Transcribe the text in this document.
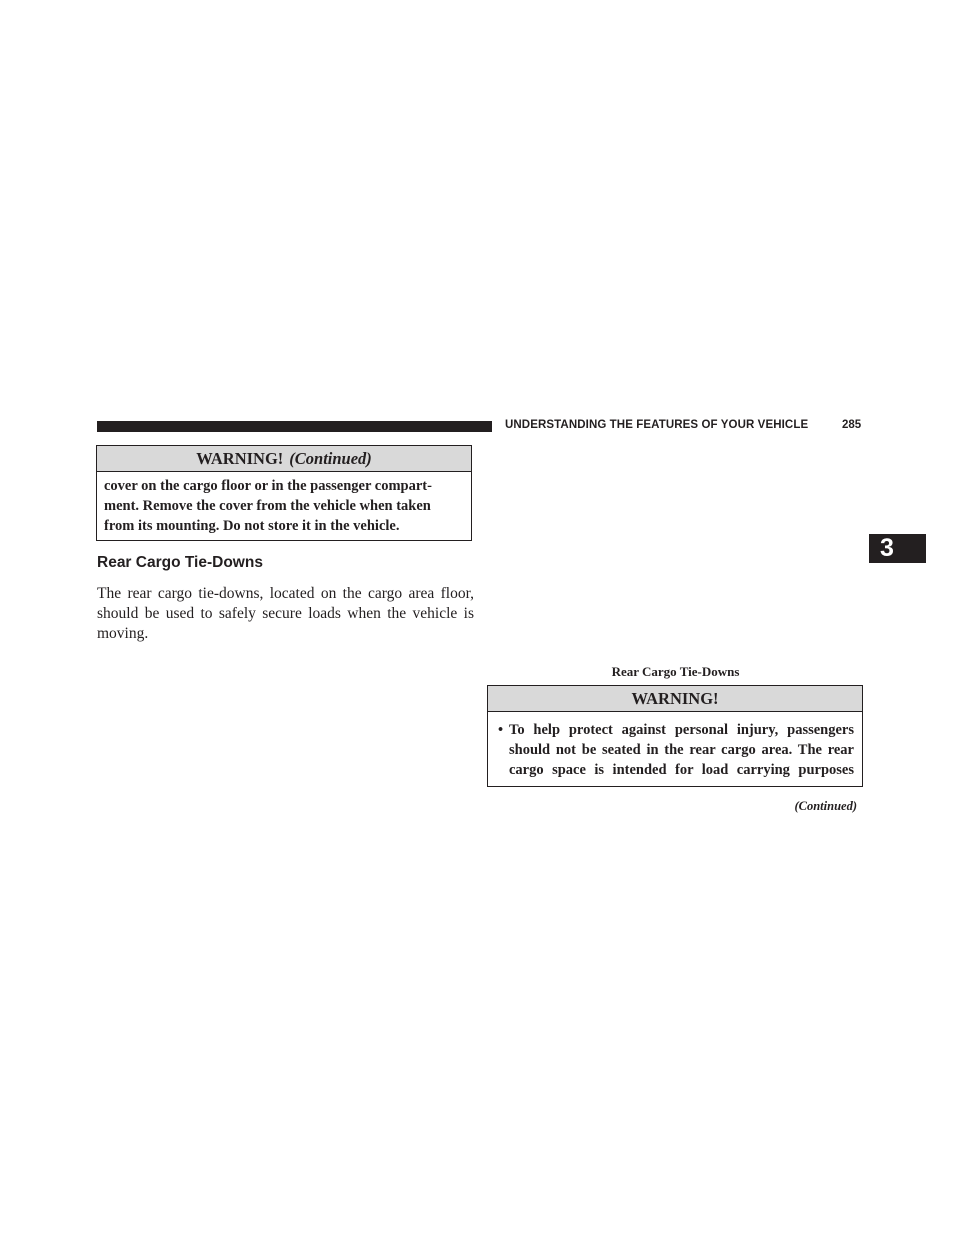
UNDERSTANDING THE FEATURES OF YOUR VEHICLE	285
3
WARNING! (Continued)
cover on the cargo floor or in the passenger compart-
ment. Remove the cover from the vehicle when taken
from its mounting. Do not store it in the vehicle.
Rear Cargo Tie-Downs
The rear cargo tie-downs, located on the cargo area floor,
should be used to safely secure loads when the vehicle is
moving.
Rear Cargo Tie-Downs
WARNING!
• To help protect against personal injury, passengers
should not be seated in the rear cargo area. The rear
cargo space is intended for load carrying purposes
(Continued)
